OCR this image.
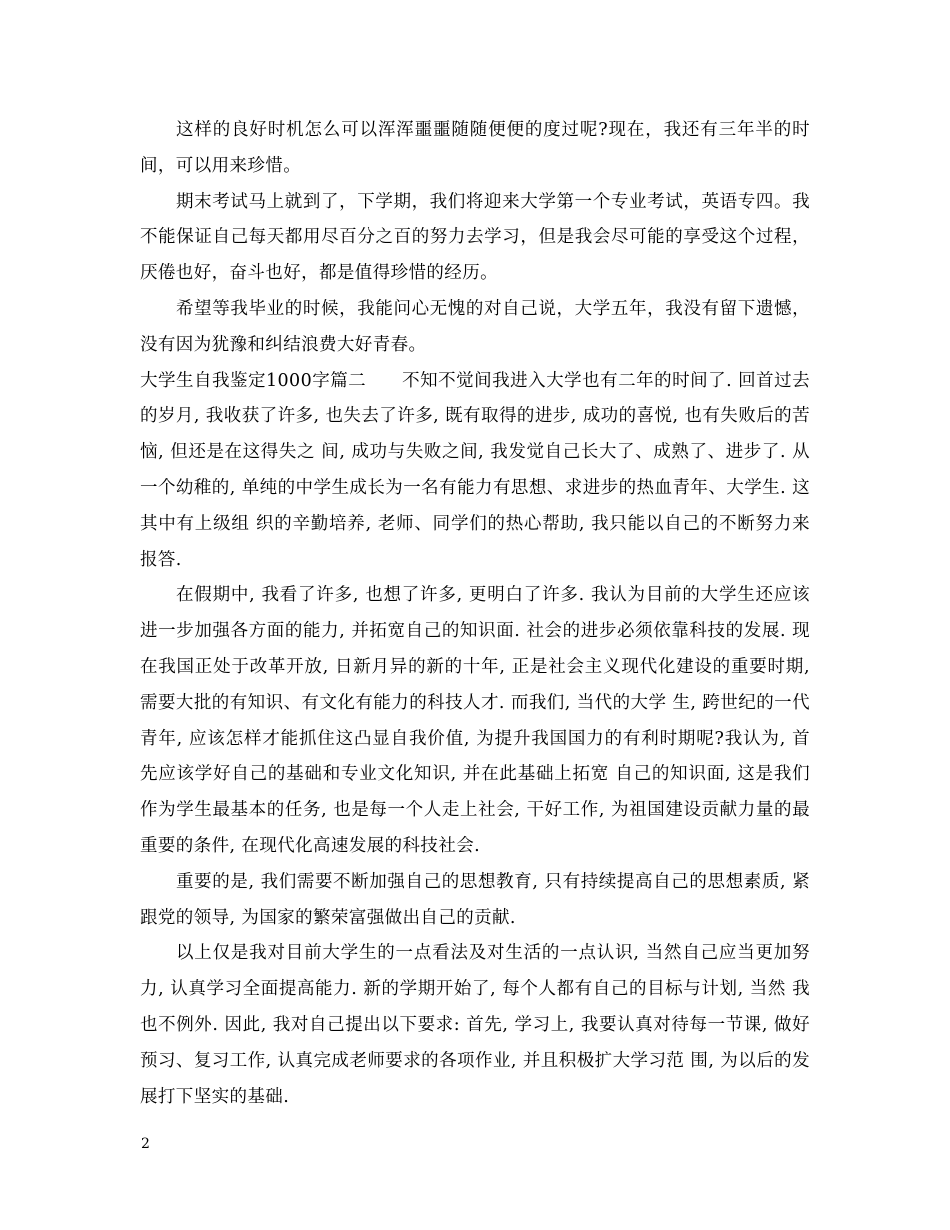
这样的良好时机怎么可以浑浑噩噩随随便便的度过呢?现在，我还有三年半的时间，可以用来珍惜。

期末考试马上就到了，下学期，我们将迎来大学第一个专业考试，英语专四。我不能保证自己每天都用尽百分之百的努力去学习，但是我会尽可能的享受这个过程，厌倦也好，奋斗也好，都是值得珍惜的经历。

希望等我毕业的时候，我能问心无愧的对自己说，大学五年，我没有留下遗憾，没有因为犹豫和纠结浪费大好青春。

大学生自我鉴定1000字篇二　　不知不觉间我进入大学也有二年的时间了. 回首过去的岁月, 我收获了许多, 也失去了许多, 既有取得的进步, 成功的喜悦, 也有失败后的苦恼, 但还是在这得失之 间, 成功与失败之间, 我发觉自己长大了、成熟了、进步了. 从一个幼稚的, 单纯的中学生成长为一名有能力有思想、求进步的热血青年、大学生. 这其中有上级组 织的辛勤培养, 老师、同学们的热心帮助, 我只能以自己的不断努力来报答.

在假期中, 我看了许多, 也想了许多, 更明白了许多. 我认为目前的大学生还应该进一步加强各方面的能力, 并拓宽自己的知识面. 社会的进步必须依靠科技的发展. 现在我国正处于改革开放, 日新月异的新的十年, 正是社会主义现代化建设的重要时期, 需要大批的有知识、有文化有能力的科技人才. 而我们, 当代的大学 生, 跨世纪的一代青年, 应该怎样才能抓住这凸显自我价值, 为提升我国国力的有利时期呢?我认为, 首先应该学好自己的基础和专业文化知识, 并在此基础上拓宽 自己的知识面, 这是我们作为学生最基本的任务, 也是每一个人走上社会, 干好工作, 为祖国建设贡献力量的最重要的条件, 在现代化高速发展的科技社会.

重要的是, 我们需要不断加强自己的思想教育, 只有持续提高自己的思想素质, 紧跟党的领导, 为国家的繁荣富强做出自己的贡献.

以上仅是我对目前大学生的一点看法及对生活的一点认识, 当然自己应当更加努力, 认真学习全面提高能力. 新的学期开始了, 每个人都有自己的目标与计划, 当然 我也不例外. 因此, 我对自己提出以下要求: 首先, 学习上, 我要认真对待每一节课, 做好预习、复习工作, 认真完成老师要求的各项作业, 并且积极扩大学习范 围, 为以后的发展打下坚实的基础.

2
